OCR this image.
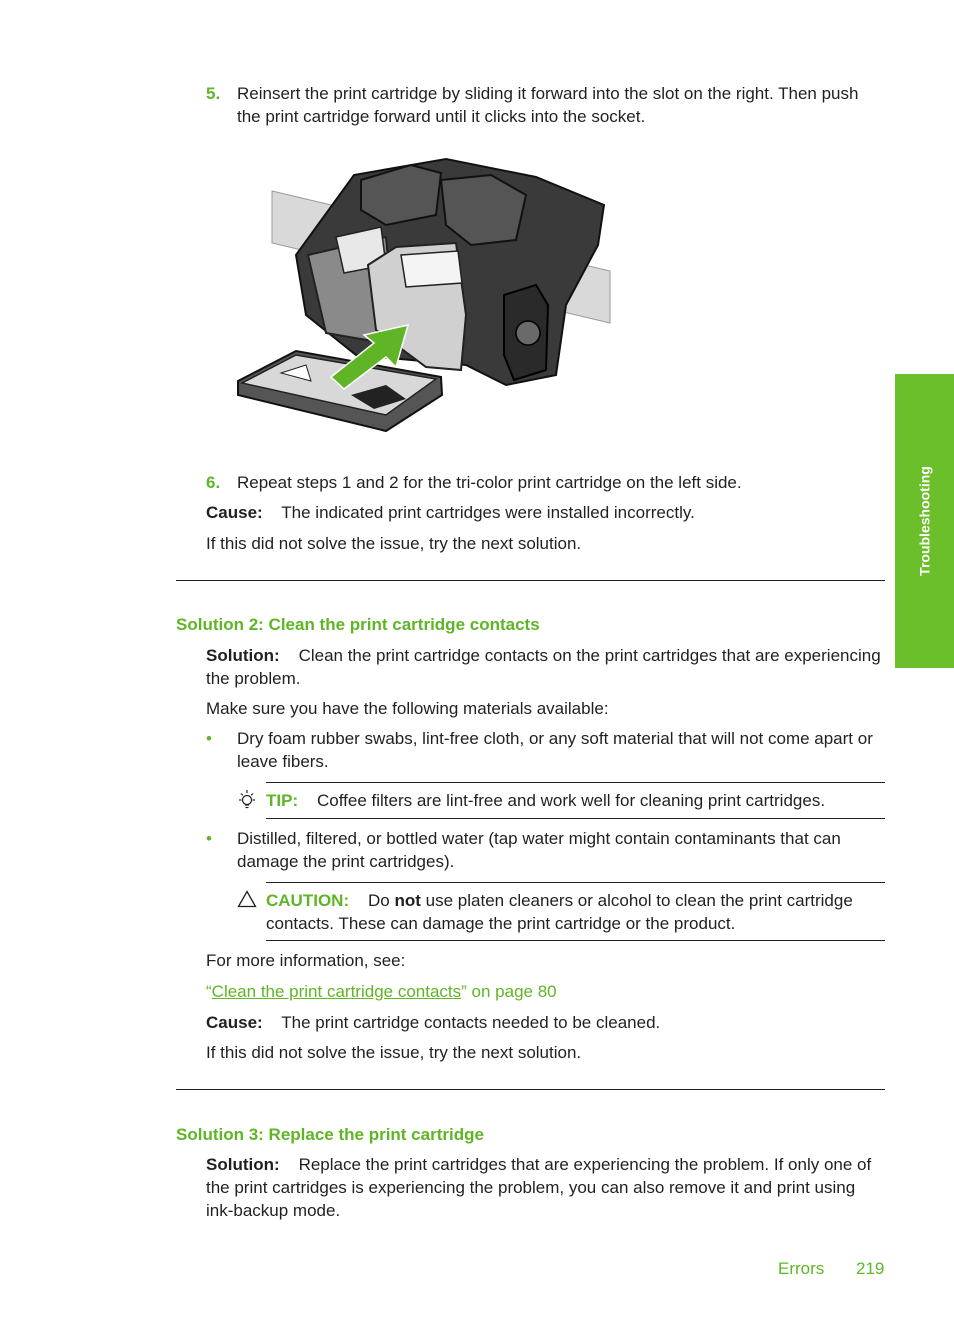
5. Reinsert the print cartridge by sliding it forward into the slot on the right. Then push the print cartridge forward until it clicks into the socket.
6. Repeat steps 1 and 2 for the tri-color print cartridge on the left side.
Cause: The indicated print cartridges were installed incorrectly.
If this did not solve the issue, try the next solution.
Solution 2: Clean the print cartridge contacts
Solution: Clean the print cartridge contacts on the print cartridges that are experiencing the problem.
Make sure you have the following materials available:
• Dry foam rubber swabs, lint-free cloth, or any soft material that will not come apart or leave fibers.
TIP: Coffee filters are lint-free and work well for cleaning print cartridges.
• Distilled, filtered, or bottled water (tap water might contain contaminants that can damage the print cartridges).
CAUTION: Do not use platen cleaners or alcohol to clean the print cartridge contacts. These can damage the print cartridge or the product.
For more information, see:
“Clean the print cartridge contacts” on page 80
Cause: The print cartridge contacts needed to be cleaned.
If this did not solve the issue, try the next solution.
Solution 3: Replace the print cartridge
Solution: Replace the print cartridges that are experiencing the problem. If only one of the print cartridges is experiencing the problem, you can also remove it and print using ink-backup mode.
Troubleshooting
Errors 219
